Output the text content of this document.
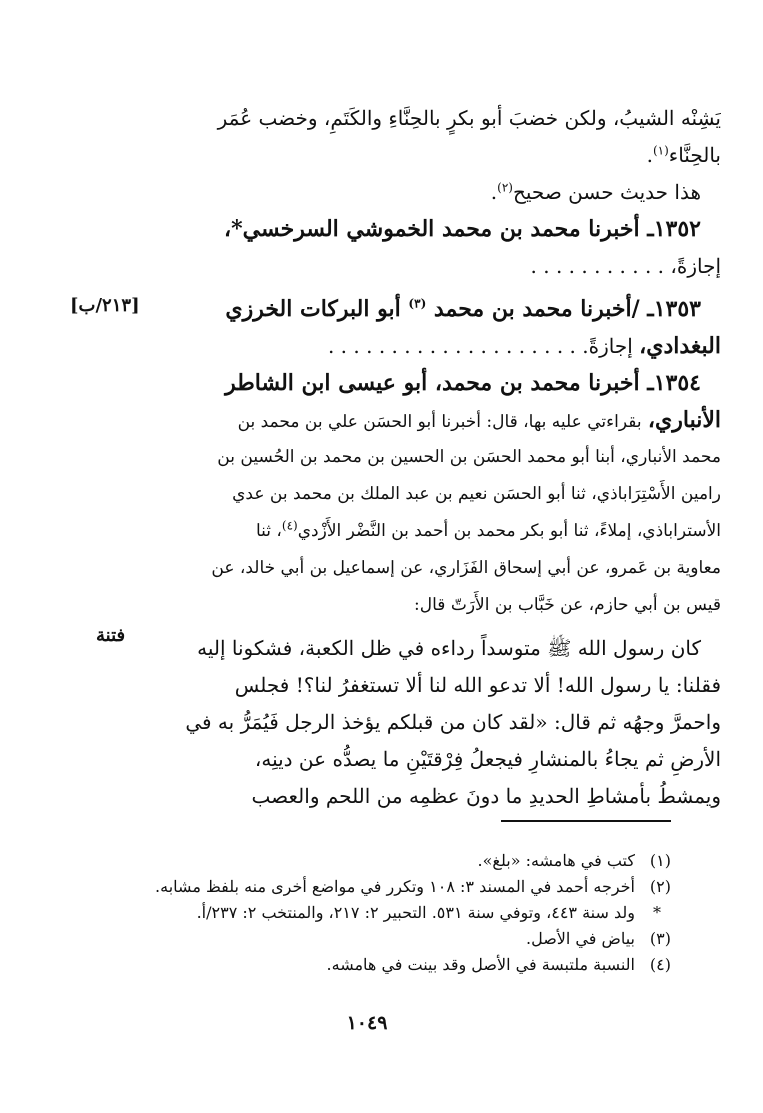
يَشِنْه الشيبُ، ولكن خضبَ أبو بكرٍ بالحِنَّاءِ والكَتَمِ، وخضب عُمَر
بالحِنَّاء$^{(١)}$.
هذا حديث حسن صحيح$^{(٢)}$.
١٣٥٢ـ أخبرنا محمد بن محمد الخموشي السرخسي*،
إجازةً، . . . . . . . . . . .
١٣٥٣ـ /أخبرنا محمد بن محمد $^{(٣)}$ أبو البركات الخرزي
البغدادي، إجازةً. . . . . . . . . . . . . . . . . . . . .
١٣٥٤ـ أخبرنا محمد بن محمد، أبو عيسى ابن الشاطر
الأنباري، بقراءتي عليه بها، قال: أخبرنا أبو الحسَن علي بن محمد بن
محمد الأنباري، أبنا أبو محمد الحسَن بن الحسين بن محمد بن الحُسين بن
رامين الأَسْتِرَاباذي، ثنا أبو الحسَن نعيم بن عبد الملك بن محمد بن عدي
الأستراباذي، إملاءً، ثنا أبو بكر محمد بن أحمد بن النَّضْر الأَزْدي$^{(٤)}$، ثنا
معاوية بن عَمرو، عن أبي إسحاق الفَزَاري، عن إسماعيل بن أبي خالد، عن
قيس بن أبي حازم، عن خَبَّاب بن الأَرَتّ قال:
كان رسول الله ﷺ متوسداً رداءه في ظل الكعبة، فشكونا إليه
فقلنا: يا رسول الله! ألا تدعو الله لنا ألا تستغفرُ لنا؟! فجلس
واحمرَّ وجهُه ثم قال: «لقد كان من قبلكم يؤخذ الرجل فَيُمَرُّ به في
الأرضِ ثم يجاءُ بالمنشارِ فيجعلُ فِرْقتَيْنِ ما يصدُّه عن دينِه،
ويمشطُ بأمشاطِ الحديدِ ما دونَ عظمِه من اللحم والعصب
[٢١٣/ب]
فتنة
(١)كتب في هامشه: «بلغ».
(٢)أخرجه أحمد في المسند ٣: ١٠٨ وتكرر في مواضع أخرى منه بلفظ مشابه.
*ولد سنة ٤٤٣، وتوفي سنة ٥٣١. التحبير ٢: ٢١٧، والمنتخب ٢: ٢٣٧/أ.
(٣)بياض في الأصل.
(٤)النسبة ملتبسة في الأصل وقد بينت في هامشه.
١٠٤٩
